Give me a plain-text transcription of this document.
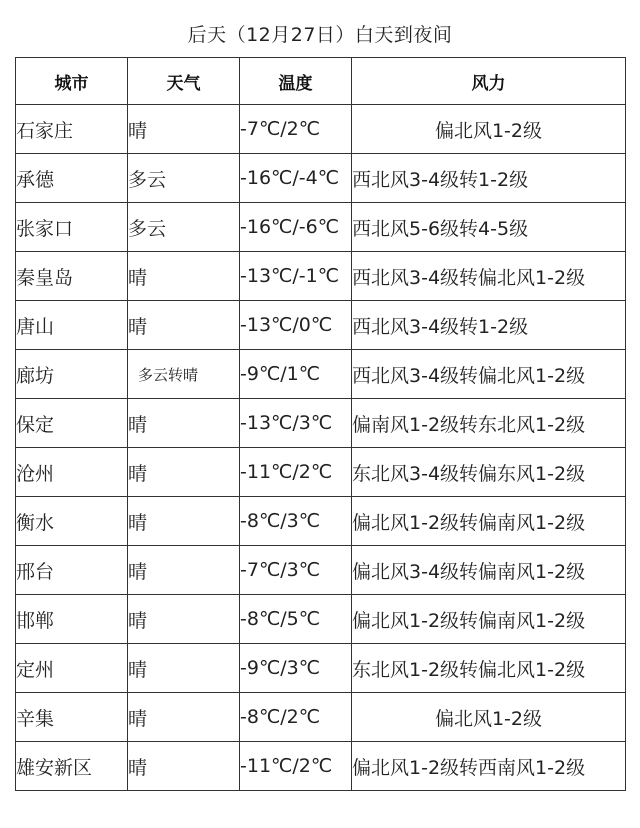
后天（12月27日）白天到夜间
城市	天气	温度	风力
石家庄	晴	-7℃/2℃	偏北风1-2级
承德	多云	-16℃/-4℃	西北风3-4级转1-2级
张家口	多云	-16℃/-6℃	西北风5-6级转4-5级
秦皇岛	晴	-13℃/-1℃	西北风3-4级转偏北风1-2级
唐山	晴	-13℃/0℃	西北风3-4级转1-2级
廊坊	多云转晴	-9℃/1℃	西北风3-4级转偏北风1-2级
保定	晴	-13℃/3℃	偏南风1-2级转东北风1-2级
沧州	晴	-11℃/2℃	东北风3-4级转偏东风1-2级
衡水	晴	-8℃/3℃	偏北风1-2级转偏南风1-2级
邢台	晴	-7℃/3℃	偏北风3-4级转偏南风1-2级
邯郸	晴	-8℃/5℃	偏北风1-2级转偏南风1-2级
定州	晴	-9℃/3℃	东北风1-2级转偏北风1-2级
辛集	晴	-8℃/2℃	偏北风1-2级
雄安新区	晴	-11℃/2℃	偏北风1-2级转西南风1-2级
